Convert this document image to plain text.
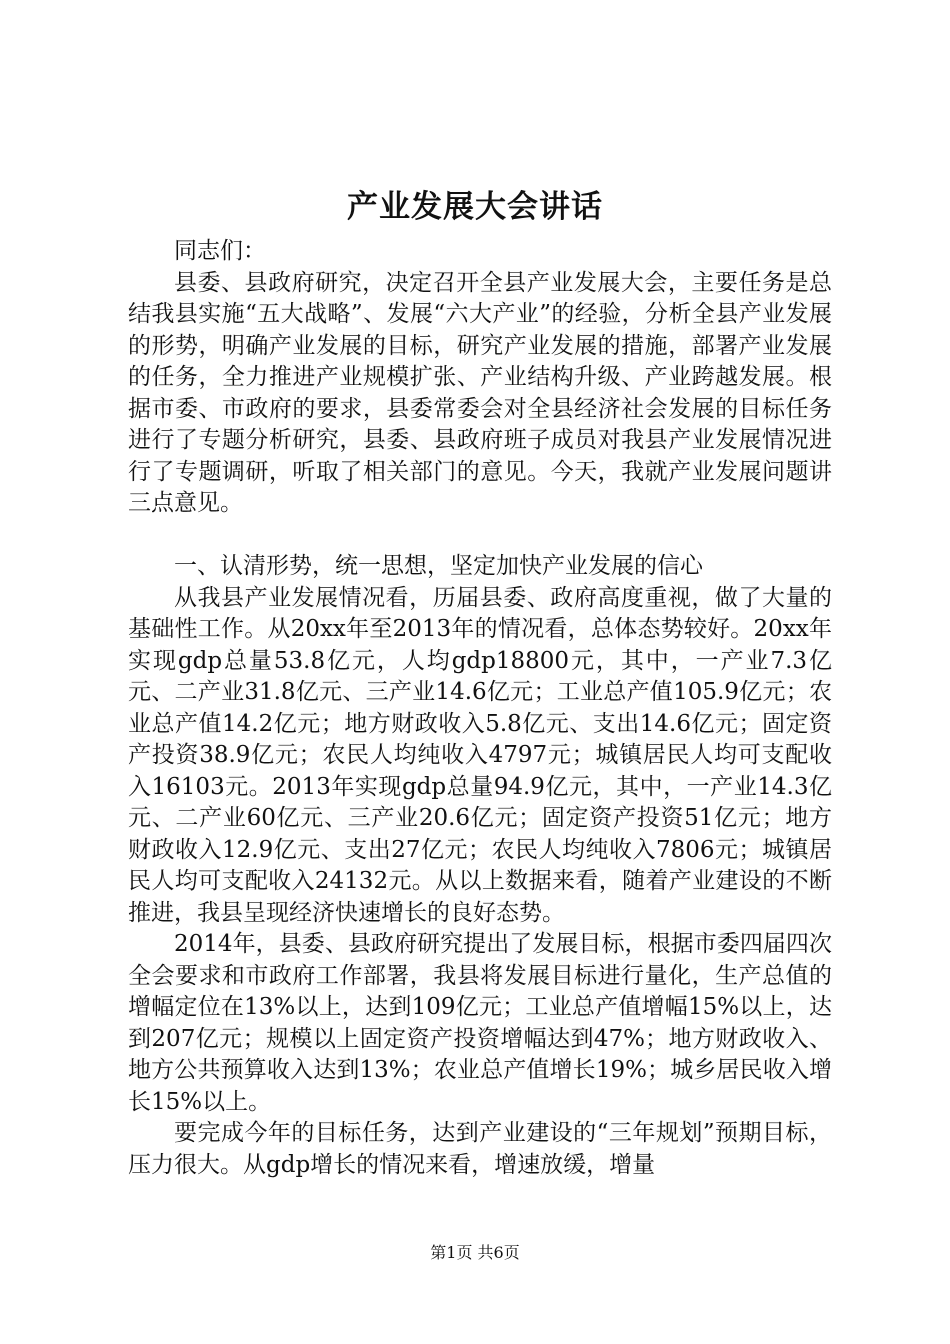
产业发展大会讲话

同志们：

县委、县政府研究，决定召开全县产业发展大会，主要任务是总结我县实施“五大战略”、发展“六大产业”的经验，分析全县产业发展的形势，明确产业发展的目标，研究产业发展的措施，部署产业发展的任务，全力推进产业规模扩张、产业结构升级、产业跨越发展。根据市委、市政府的要求，县委常委会对全县经济社会发展的目标任务进行了专题分析研究，县委、县政府班子成员对我县产业发展情况进行了专题调研，听取了相关部门的意见。今天，我就产业发展问题讲三点意见。

一、认清形势，统一思想，坚定加快产业发展的信心

从我县产业发展情况看，历届县委、政府高度重视，做了大量的基础性工作。从20xx年至2013年的情况看，总体态势较好。20xx年实现gdp总量53.8亿元，人均gdp18800元，其中，一产业7.3亿元、二产业31.8亿元、三产业14.6亿元；工业总产值105.9亿元；农业总产值14.2亿元；地方财政收入5.8亿元、支出14.6亿元；固定资产投资38.9亿元；农民人均纯收入4797元；城镇居民人均可支配收入16103元。2013年实现gdp总量94.9亿元，其中，一产业14.3亿元、二产业60亿元、三产业20.6亿元；固定资产投资51亿元；地方财政收入12.9亿元、支出27亿元；农民人均纯收入7806元；城镇居民人均可支配收入24132元。从以上数据来看，随着产业建设的不断推进，我县呈现经济快速增长的良好态势。

2014年，县委、县政府研究提出了发展目标，根据市委四届四次全会要求和市政府工作部署，我县将发展目标进行量化，生产总值的增幅定位在13%以上，达到109亿元；工业总产值增幅15%以上，达到207亿元；规模以上固定资产投资增幅达到47%；地方财政收入、地方公共预算收入达到13%；农业总产值增长19%；城乡居民收入增长15%以上。

要完成今年的目标任务，达到产业建设的“三年规划”预期目标，压力很大。从gdp增长的情况来看，增速放缓，增量

第1页 共6页
